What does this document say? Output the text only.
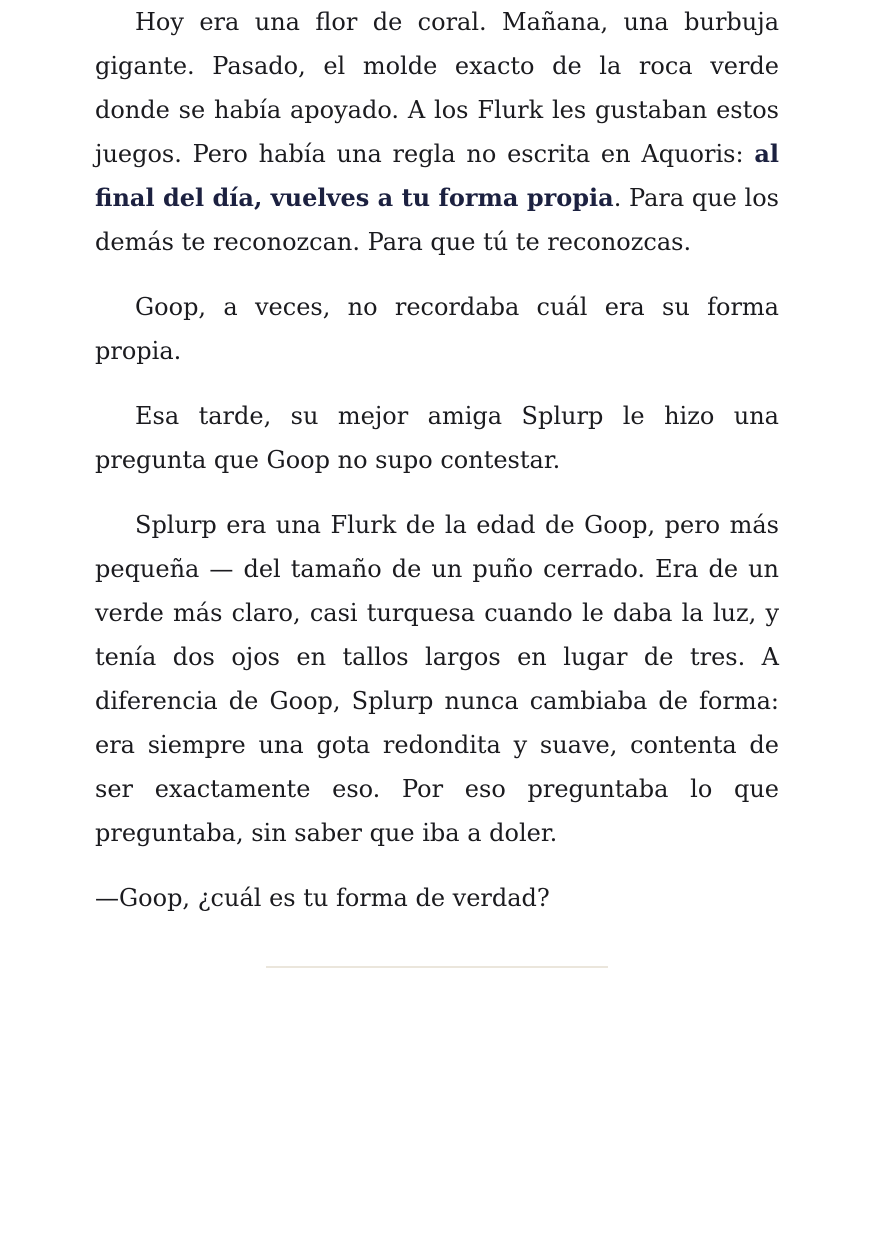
Hoy era una flor de coral. Mañana, una burbuja gigante. Pasado, el molde exacto de la roca verde donde se había apoyado. A los Flurk les gustaban estos juegos. Pero había una regla no escrita en Aquoris: al final del día, vuelves a tu forma propia. Para que los demás te reconozcan. Para que tú te reconozcas.

Goop, a veces, no recordaba cuál era su forma propia.

Esa tarde, su mejor amiga Splurp le hizo una pregunta que Goop no supo contestar.

Splurp era una Flurk de la edad de Goop, pero más pequeña — del tamaño de un puño cerrado. Era de un verde más claro, casi turquesa cuando le daba la luz, y tenía dos ojos en tallos largos en lugar de tres. A diferencia de Goop, Splurp nunca cambiaba de forma: era siempre una gota redondita y suave, contenta de ser exactamente eso. Por eso preguntaba lo que preguntaba, sin saber que iba a doler.

—Goop, ¿cuál es tu forma de verdad?
